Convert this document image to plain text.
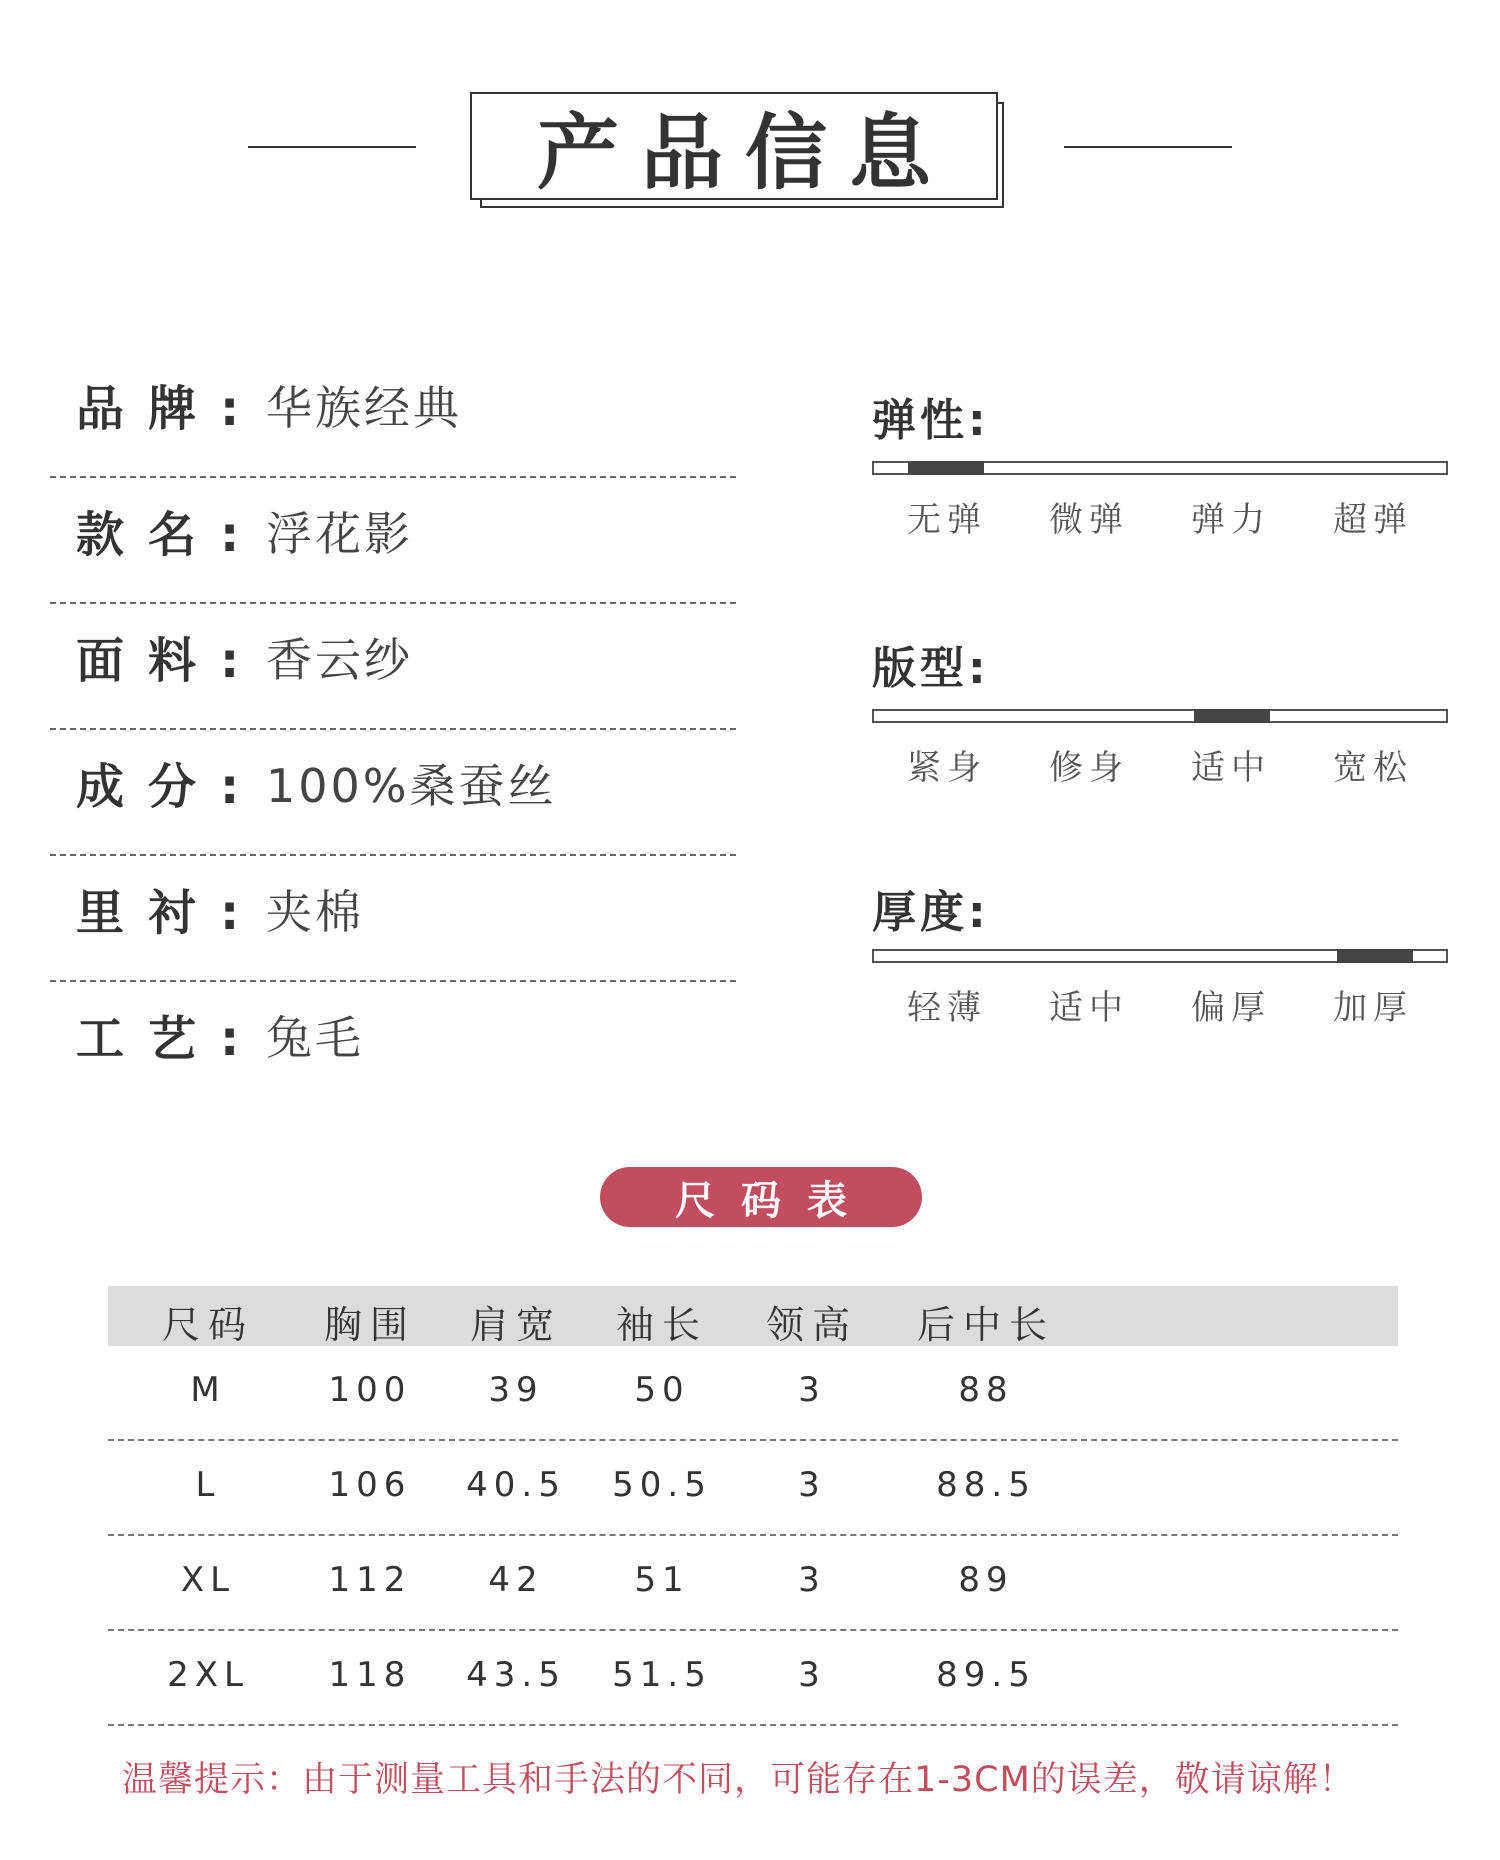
产品信息
品牌: 华族经典
款名: 浮花影
面料: 香云纱
成分: 100%桑蚕丝
里衬: 夹棉
工艺: 兔毛
弹性:
无弹	微弹	弹力	超弹
版型:
紧身	修身	适中	宽松
厚度:
轻薄	适中	偏厚	加厚
尺码表
尺码	胸围	肩宽	袖长	领高	后中长
M	100	39	50	3	88
L	106	40.5	50.5	3	88.5
XL	112	42	51	3	89
2XL	118	43.5	51.5	3	89.5
温馨提示：由于测量工具和手法的不同，可能存在1-3CM的误差，敬请谅解！
